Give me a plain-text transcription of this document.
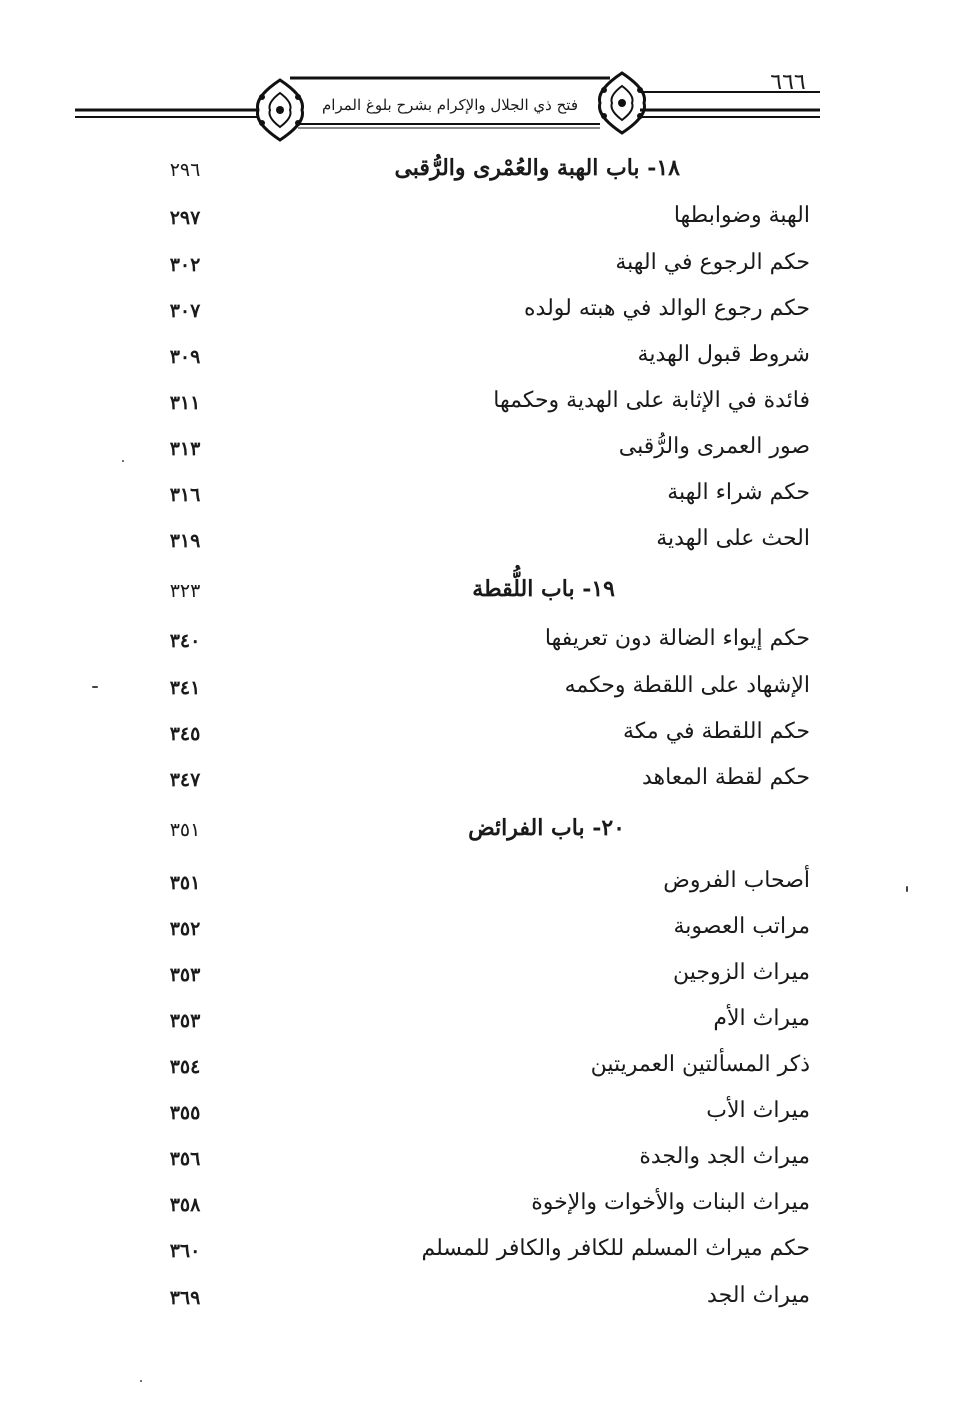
فتح ذي الجلال والإكرام بشرح بلوغ المرام
٦٦٦
١٨- باب الهبة والعُمْرى والرُّقبى
٢٩٦
الهبة وضوابطها
٢٩٧
حكم الرجوع في الهبة
٣٠٢
حكم رجوع الوالد في هبته لولده
٣٠٧
شروط قبول الهدية
٣٠٩
فائدة في الإثابة على الهدية وحكمها
٣١١
صور العمرى والرُّقبى
٣١٣
حكم شراء الهبة
٣١٦
الحث على الهدية
٣١٩
١٩- باب اللُّقطة
٣٢٣
حكم إيواء الضالة دون تعريفها
٣٤٠
الإشهاد على اللقطة وحكمه
٣٤١
حكم اللقطة في مكة
٣٤٥
حكم لقطة المعاهد
٣٤٧
٢٠- باب الفرائض
٣٥١
أصحاب الفروض
٣٥١
مراتب العصوبة
٣٥٢
ميراث الزوجين
٣٥٣
ميراث الأم
٣٥٣
ذكر المسألتين العمريتين
٣٥٤
ميراث الأب
٣٥٥
ميراث الجد والجدة
٣٥٦
ميراث البنات والأخوات والإخوة
٣٥٨
حكم ميراث المسلم للكافر والكافر للمسلم
٣٦٠
ميراث الجد
٣٦٩
